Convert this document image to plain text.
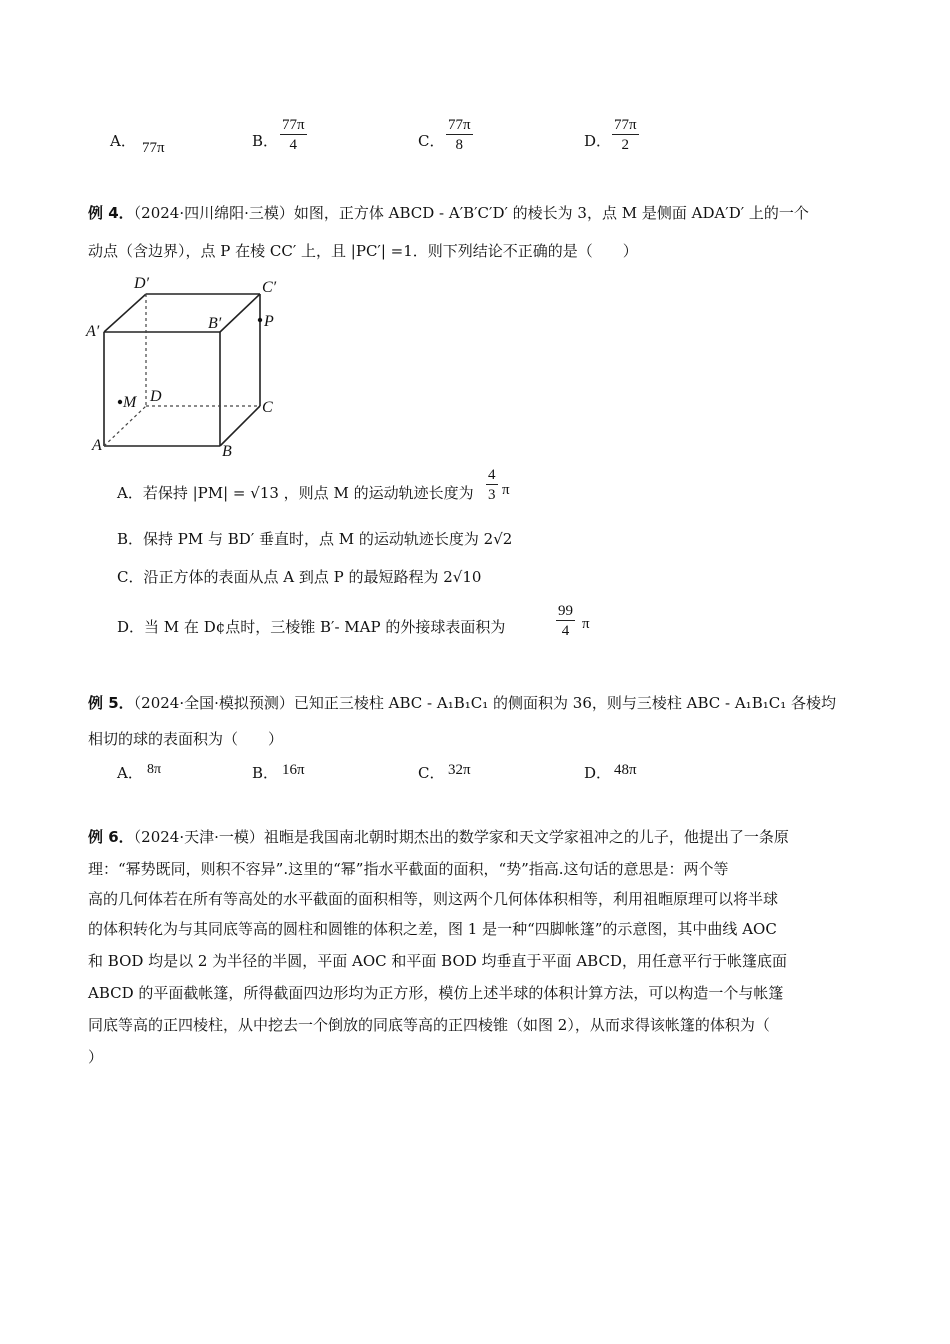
A． 77π	B． $\frac{77\pi}{4}$	C． $\frac{77\pi}{8}$	D． $\frac{77\pi}{2}$
例 4．（2024·四川绵阳·三模）如图，正方体 ABCD - A′B′C′D′ 的棱长为 3，点 M 是侧面 ADA′D′ 上的一个
动点（含边界），点 P 在棱 CC′ 上，且 |PC′| =1．则下列结论不正确的是（　　）
D′	C′
A′	B′	P
M D
C
A	B
A．若保持 |PM| = √13 ，则点 M 的运动轨迹长度为 $\frac{4}{3}$ π
B．保持 PM 与 BD′ 垂直时，点 M 的运动轨迹长度为 2√2
C．沿正方体的表面从点 A 到点 P 的最短路程为 2√10
D．当 M 在 D¢点时，三棱锥 B′- MAP 的外接球表面积为	$\frac{99}{4}$ π
例 5．（2024·全国·模拟预测）已知正三棱柱 ABC - A₁B₁C₁ 的侧面积为 36，则与三棱柱 ABC - A₁B₁C₁ 各棱均
相切的球的表面积为（　　）
A． 8π	B． 16π	C． 32π	D． 48π
例 6．（2024·天津·一模）祖暅是我国南北朝时期杰出的数学家和天文学家祖冲之的儿子，他提出了一条原
理：“幂势既同，则积不容异”.这里的“幂”指水平截面的面积，“势”指高.这句话的意思是：两个等
高的几何体若在所有等高处的水平截面的面积相等，则这两个几何体体积相等，利用祖暅原理可以将半球
的体积转化为与其同底等高的圆柱和圆锥的体积之差，图 1 是一种“四脚帐篷”的示意图，其中曲线 AOC
和 BOD 均是以 2 为半径的半圆，平面 AOC 和平面 BOD 均垂直于平面 ABCD，用任意平行于帐篷底面
ABCD 的平面截帐篷，所得截面四边形均为正方形，模仿上述半球的体积计算方法，可以构造一个与帐篷
同底等高的正四棱柱，从中挖去一个倒放的同底等高的正四棱锥（如图 2），从而求得该帐篷的体积为（
）
